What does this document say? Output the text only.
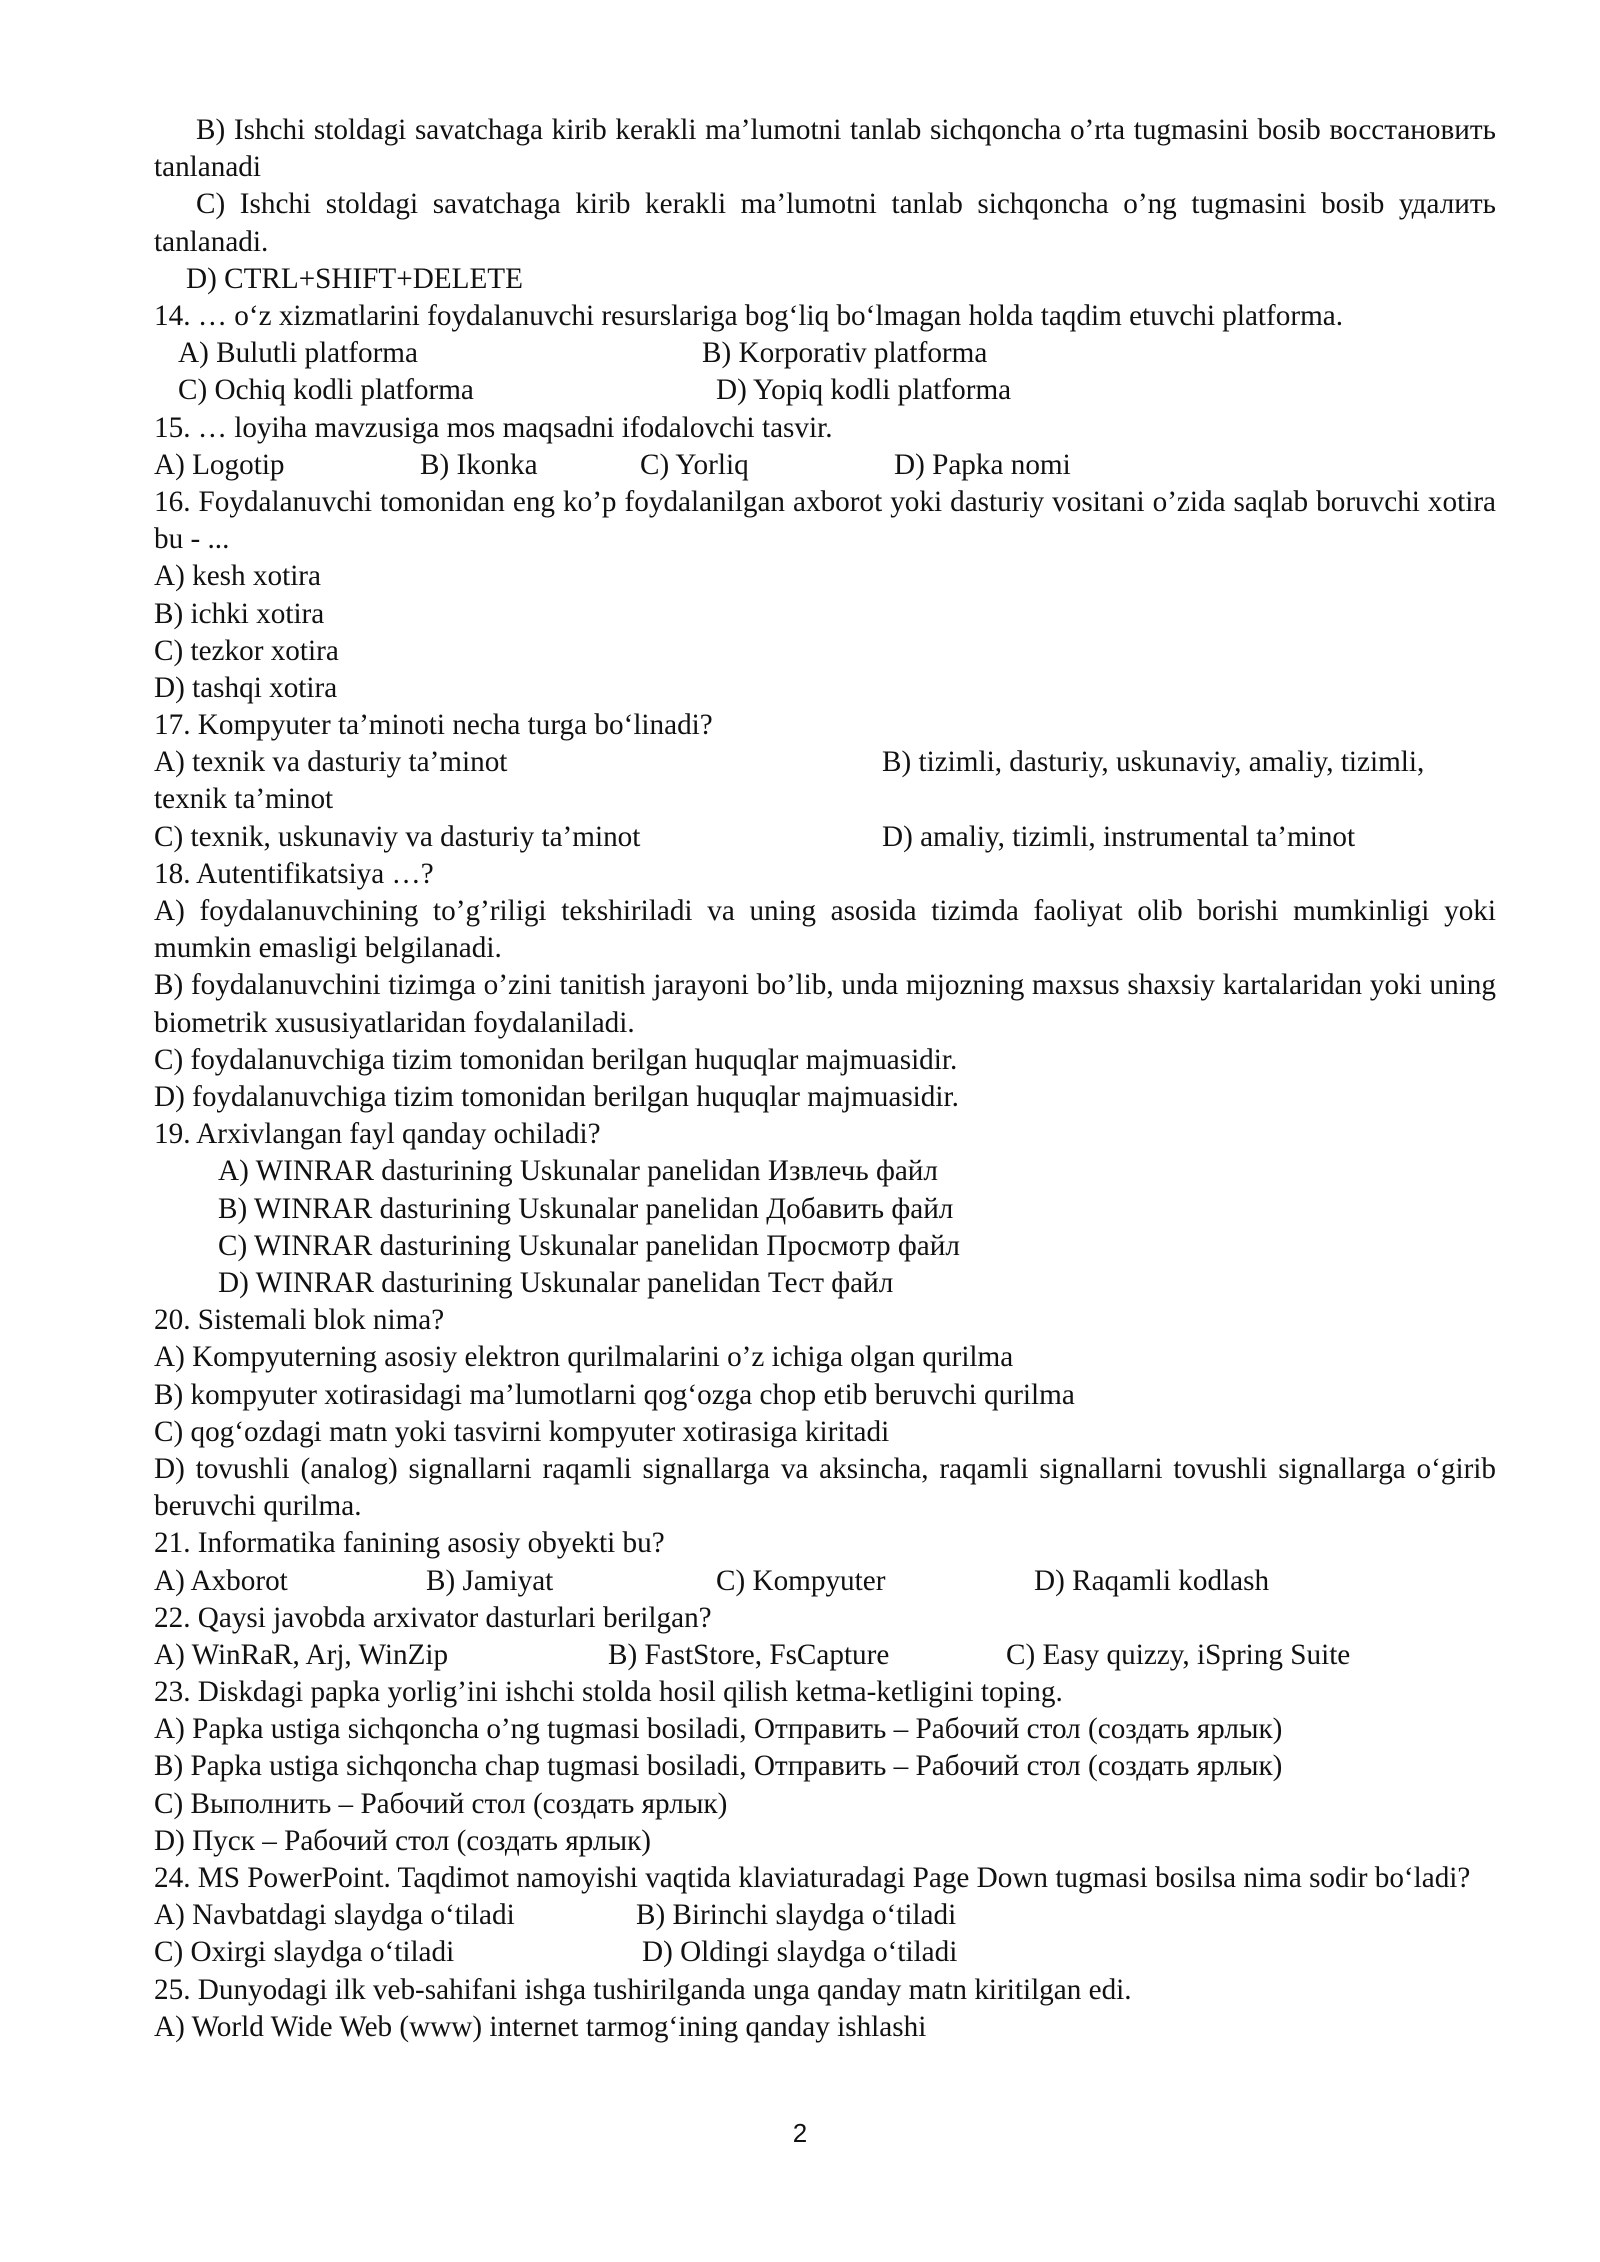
B) Ishchi stoldagi savatchaga kirib kerakli ma’lumotni tanlab sichqoncha o’rta tugmasini bosib восстановить tanlanadi
C) Ishchi stoldagi savatchaga kirib kerakli ma’lumotni tanlab sichqoncha o’ng tugmasini bosib удалить tanlanadi.
D) CTRL+SHIFT+DELETE
14. … o‘z xizmatlarini foydalanuvchi resurslariga bog‘liq bo‘lmagan holda taqdim etuvchi platforma.
A) Bulutli platforma	B) Korporativ platforma
C) Ochiq kodli platforma	D) Yopiq kodli platforma
15. … loyiha mavzusiga mos maqsadni ifodalovchi tasvir.
A) Logotip	B) Ikonka	C) Yorliq	D) Papka nomi
16. Foydalanuvchi tomonidan eng ko’p foydalanilgan axborot yoki dasturiy vositani o’zida saqlab boruvchi xotira bu - ...
A) kesh xotira
B) ichki xotira
C) tezkor xotira
D) tashqi xotira
17. Kompyuter ta’minoti necha turga bo‘linadi?
A) texnik va dasturiy ta’minot	B) tizimli, dasturiy, uskunaviy, amaliy, tizimli,
texnik ta’minot
C) texnik, uskunaviy va dasturiy ta’minot	D) amaliy, tizimli, instrumental ta’minot
18. Autentifikatsiya …?
A) foydalanuvchining to’g’riligi tekshiriladi va uning asosida tizimda faoliyat olib borishi mumkinligi yoki mumkin emasligi belgilanadi.
B) foydalanuvchini tizimga o’zini tanitish jarayoni bo’lib, unda mijozning maxsus shaxsiy kartalaridan yoki uning biometrik xususiyatlaridan foydalaniladi.
C) foydalanuvchiga tizim tomonidan berilgan huquqlar majmuasidir.
D) foydalanuvchiga tizim tomonidan berilgan huquqlar majmuasidir.
19. Arxivlangan fayl qanday ochiladi?
A) WINRAR dasturining Uskunalar panelidan Извлечь файл
B) WINRAR dasturining Uskunalar panelidan Добавить файл
C) WINRAR dasturining Uskunalar panelidan Просмотр файл
D) WINRAR dasturining Uskunalar panelidan Тест файл
20. Sistemali blok nima?
A) Kompyuterning asosiy elektron qurilmalarini o’z ichiga olgan qurilma
B) kompyuter xotirasidagi ma’lumotlarni qog‘ozga chop etib beruvchi qurilma
C) qog‘ozdagi matn yoki tasvirni kompyuter xotirasiga kiritadi
D) tovushli (analog) signallarni raqamli signallarga va aksincha, raqamli signallarni tovushli signallarga o‘girib beruvchi qurilma.
21. Informatika fanining asosiy obyekti bu?
A) Axborot	B) Jamiyat	C) Kompyuter	D) Raqamli kodlash
22. Qaysi javobda arxivator dasturlari berilgan?
A) WinRaR, Arj, WinZip	B) FastStore, FsCapture	C) Easy quizzy, iSpring Suite
23. Diskdagi papka yorlig’ini ishchi stolda hosil qilish ketma-ketligini toping.
A) Papka ustiga sichqoncha o’ng tugmasi bosiladi, Отправить – Рабочий стол (создать ярлык)
B) Papka ustiga sichqoncha chap tugmasi bosiladi, Отправить – Рабочий стол (создать ярлык)
C) Выполнить – Рабочий стол (создать ярлык)
D) Пуск – Рабочий стол (создать ярлык)
24. MS PowerPoint. Taqdimot namoyishi vaqtida klaviaturadagi Page Down tugmasi bosilsa nima sodir bo‘ladi?
A) Navbatdagi slaydga o‘tiladi	B) Birinchi slaydga o‘tiladi
C) Oxirgi slaydga o‘tiladi	D) Oldingi slaydga o‘tiladi
25. Dunyodagi ilk veb-sahifani ishga tushirilganda unga qanday matn kiritilgan edi.
A) World Wide Web (www) internet tarmog‘ining qanday ishlashi
2
